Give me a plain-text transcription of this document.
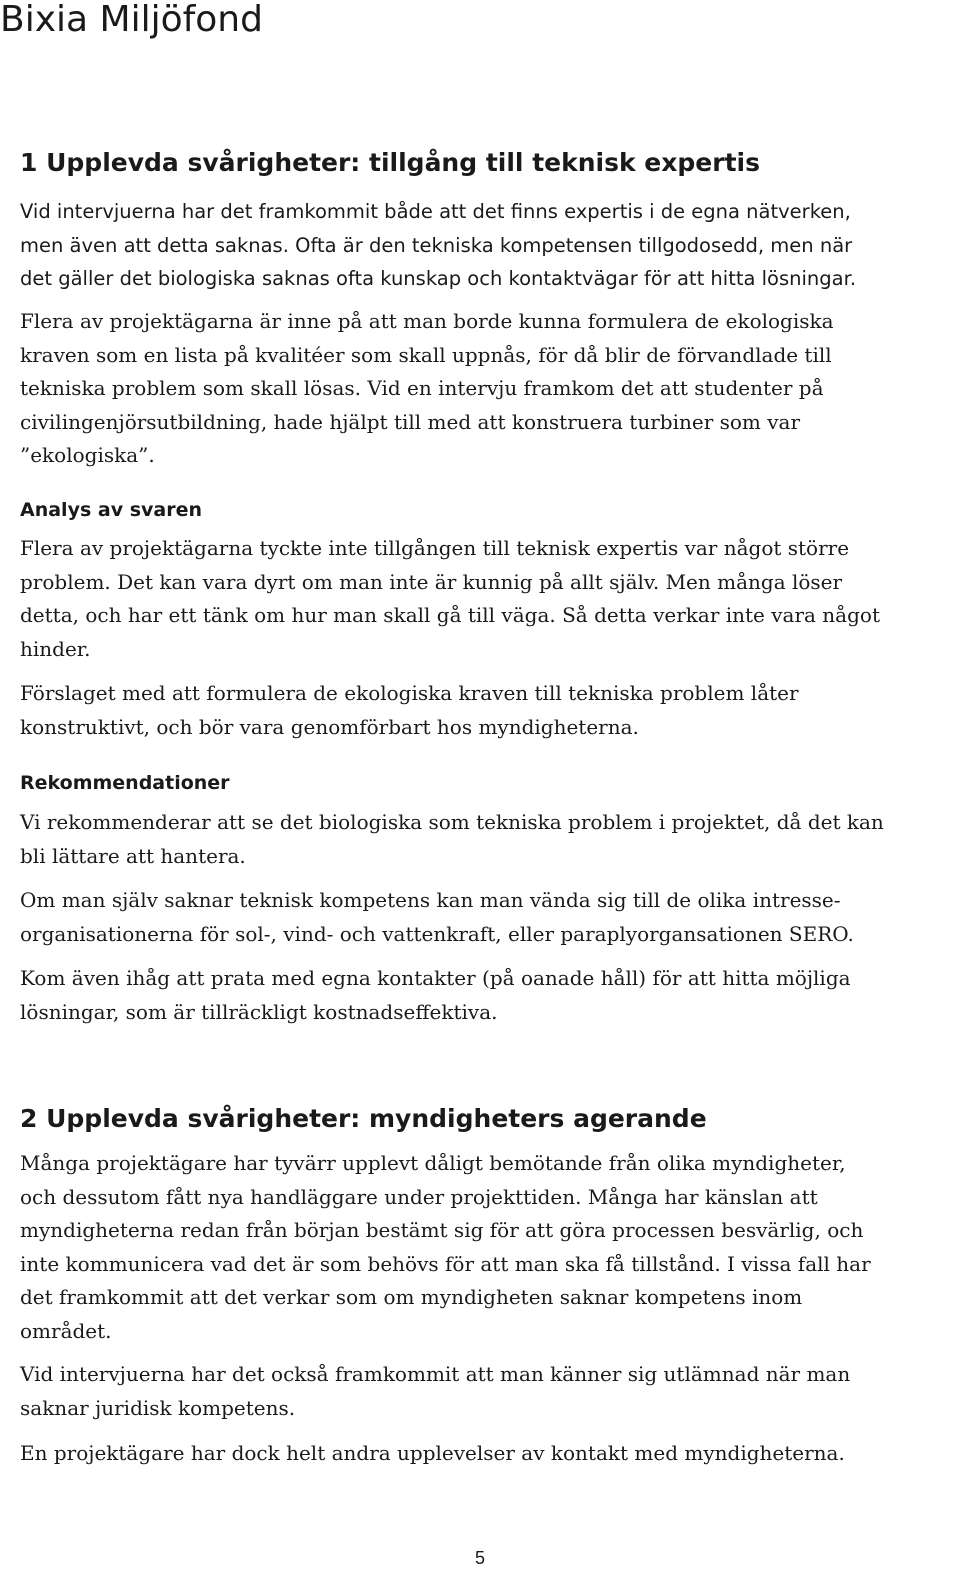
Bixia Miljöfond
1 Upplevda svårigheter: tillgång till teknisk expertis

Vid intervjuerna har det framkommit både att det finns expertis i de egna nätverken,
men även att detta saknas. Ofta är den tekniska kompetensen tillgodosedd, men när
det gäller det biologiska saknas ofta kunskap och kontaktvägar för att hitta lösningar.

Flera av projektägarna är inne på att man borde kunna formulera de ekologiska
kraven som en lista på kvalitéer som skall uppnås, för då blir de förvandlade till
tekniska problem som skall lösas. Vid en intervju framkom det att studenter på
civilingenjörsutbildning, hade hjälpt till med att konstruera turbiner som var
”ekologiska”.

Analys av svaren

Flera av projektägarna tyckte inte tillgången till teknisk expertis var något större
problem. Det kan vara dyrt om man inte är kunnig på allt själv. Men många löser
detta, och har ett tänk om hur man skall gå till väga. Så detta verkar inte vara något
hinder.

Förslaget med att formulera de ekologiska kraven till tekniska problem låter
konstruktivt, och bör vara genomförbart hos myndigheterna.

Rekommendationer

Vi rekommenderar att se det biologiska som tekniska problem i projektet, då det kan
bli lättare att hantera.

Om man själv saknar teknisk kompetens kan man vända sig till de olika intresse-
organisationerna för sol-, vind- och vattenkraft, eller paraplyorgansationen SERO.

Kom även ihåg att prata med egna kontakter (på oanade håll) för att hitta möjliga
lösningar, som är tillräckligt kostnadseffektiva.

2 Upplevda svårigheter: myndigheters agerande

Många projektägare har tyvärr upplevt dåligt bemötande från olika myndigheter,
och dessutom fått nya handläggare under projekttiden. Många har känslan att
myndigheterna redan från början bestämt sig för att göra processen besvärlig, och
inte kommunicera vad det är som behövs för att man ska få tillstånd. I vissa fall har
det framkommit att det verkar som om myndigheten saknar kompetens inom
området.

Vid intervjuerna har det också framkommit att man känner sig utlämnad när man
saknar juridisk kompetens.

En projektägare har dock helt andra upplevelser av kontakt med myndigheterna.

5
